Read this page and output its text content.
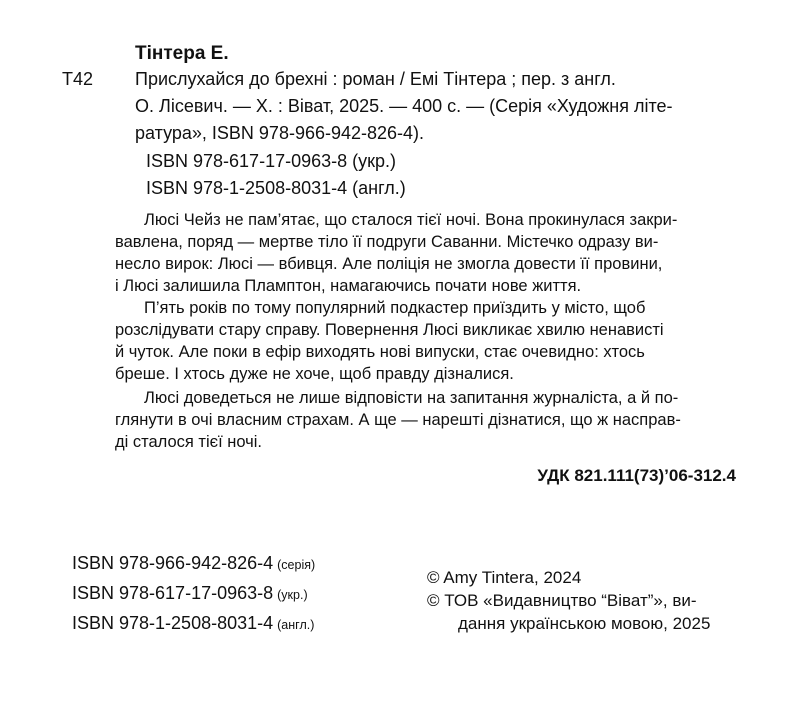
Тінтера Е.
Т42 Прислухайся до брехні : роман / Емі Тінтера ; пер. з англ.
О. Лісевич. — Х. : Віват, 2025. — 400 с. — (Серія «Художня літе-
ратура», ISBN 978-966-942-826-4).
ISBN 978-617-17-0963-8 (укр.)
ISBN 978-1-2508-8031-4 (англ.)
Люсі Чейз не пам’ятає, що сталося тієї ночі. Вона прокинулася закри-
вавлена, поряд — мертве тіло її подруги Саванни. Містечко одразу ви-
несло вирок: Люсі — вбивця. Але поліція не змогла довести її провини,
і Люсі залишила Пламптон, намагаючись почати нове життя.
П’ять років по тому популярний подкастер приїздить у місто, щоб
розслідувати стару справу. Повернення Люсі викликає хвилю ненависті
й чуток. Але поки в ефір виходять нові випуски, стає очевидно: хтось
бреше. І хтось дуже не хоче, щоб правду дізналися.
Люсі доведеться не лише відповісти на запитання журналіста, а й по-
глянути в очі власним страхам. А ще — нарешті дізнатися, що ж насправ-
ді сталося тієї ночі.
УДК 821.111(73)’06-312.4
ISBN 978-966-942-826-4 (серія)
ISBN 978-617-17-0963-8 (укр.)
ISBN 978-1-2508-8031-4 (англ.)
© Amy Tintera, 2024
© ТОВ «Видавництво “Віват”», ви-
дання українською мовою, 2025
